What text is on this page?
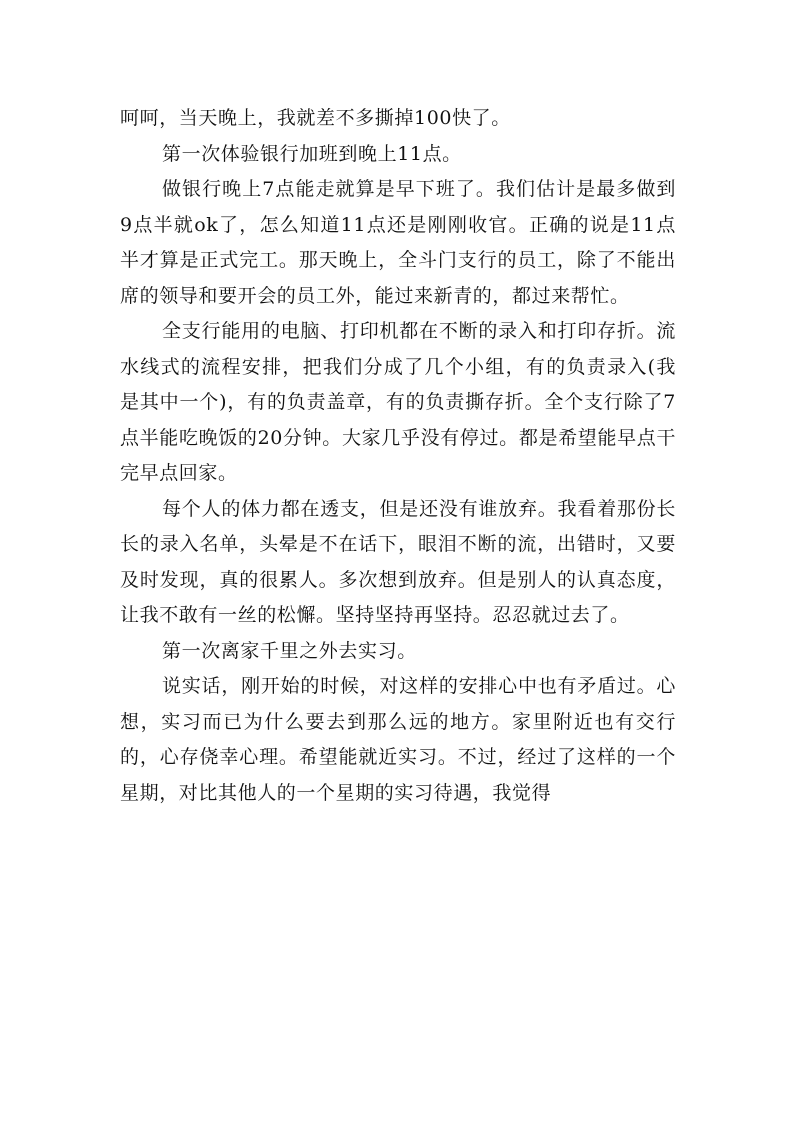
呵呵，当天晚上，我就差不多撕掉100快了。

第一次体验银行加班到晚上11点。

做银行晚上7点能走就算是早下班了。我们估计是最多做到9点半就ok了，怎么知道11点还是刚刚收官。正确的说是11点半才算是正式完工。那天晚上，全斗门支行的员工，除了不能出席的领导和要开会的员工外，能过来新青的，都过来帮忙。

全支行能用的电脑、打印机都在不断的录入和打印存折。流水线式的流程安排，把我们分成了几个小组，有的负责录入(我是其中一个)，有的负责盖章，有的负责撕存折。全个支行除了7点半能吃晚饭的20分钟。大家几乎没有停过。都是希望能早点干完早点回家。

每个人的体力都在透支，但是还没有谁放弃。我看着那份长长的录入名单，头晕是不在话下，眼泪不断的流，出错时，又要及时发现，真的很累人。多次想到放弃。但是别人的认真态度，让我不敢有一丝的松懈。坚持坚持再坚持。忍忍就过去了。

第一次离家千里之外去实习。

说实话，刚开始的时候，对这样的安排心中也有矛盾过。心想，实习而已为什么要去到那么远的地方。家里附近也有交行的，心存侥幸心理。希望能就近实习。不过，经过了这样的一个星期，对比其他人的一个星期的实习待遇，我觉得
